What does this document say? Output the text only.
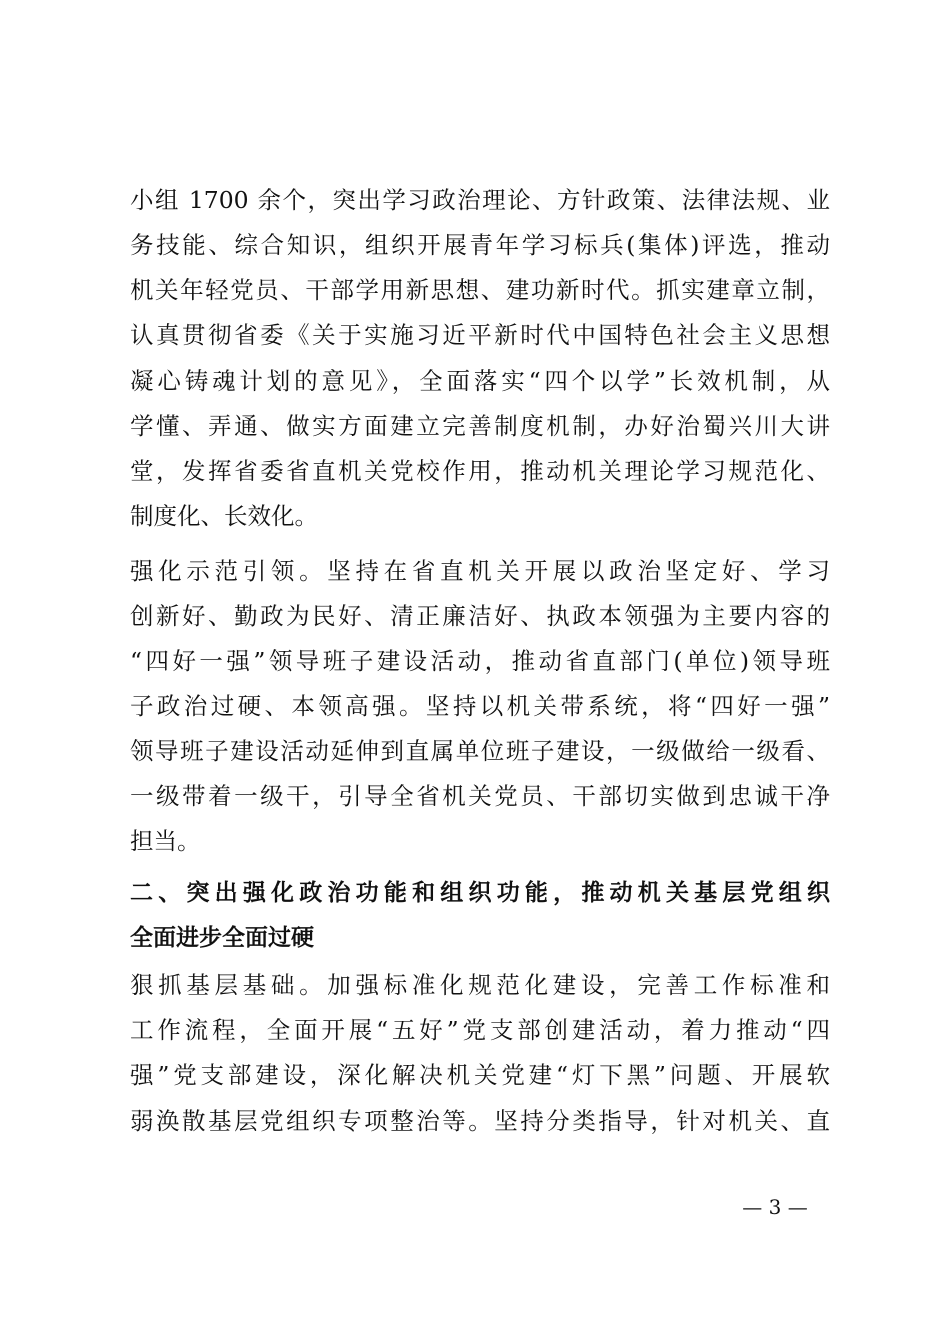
小组 1700 余个，突出学习政治理论、方针政策、法律法规、业
务技能、综合知识，组织开展青年学习标兵(集体)评选，推动
机关年轻党员、干部学用新思想、建功新时代。抓实建章立制，
认真贯彻省委《关于实施习近平新时代中国特色社会主义思想
凝心铸魂计划的意见》，全面落实“四个以学”长效机制，从
学懂、弄通、做实方面建立完善制度机制，办好治蜀兴川大讲
堂，发挥省委省直机关党校作用，推动机关理论学习规范化、
制度化、长效化。
强化示范引领。坚持在省直机关开展以政治坚定好、学习
创新好、勤政为民好、清正廉洁好、执政本领强为主要内容的
“四好一强”领导班子建设活动，推动省直部门(单位)领导班
子政治过硬、本领高强。坚持以机关带系统，将“四好一强”
领导班子建设活动延伸到直属单位班子建设，一级做给一级看、
一级带着一级干，引导全省机关党员、干部切实做到忠诚干净
担当。
二、突出强化政治功能和组织功能，推动机关基层党组织
全面进步全面过硬
狠抓基层基础。加强标准化规范化建设，完善工作标准和
工作流程，全面开展“五好”党支部创建活动，着力推动“四
强”党支部建设，深化解决机关党建“灯下黑”问题、开展软
弱涣散基层党组织专项整治等。坚持分类指导，针对机关、直
— 3 —
